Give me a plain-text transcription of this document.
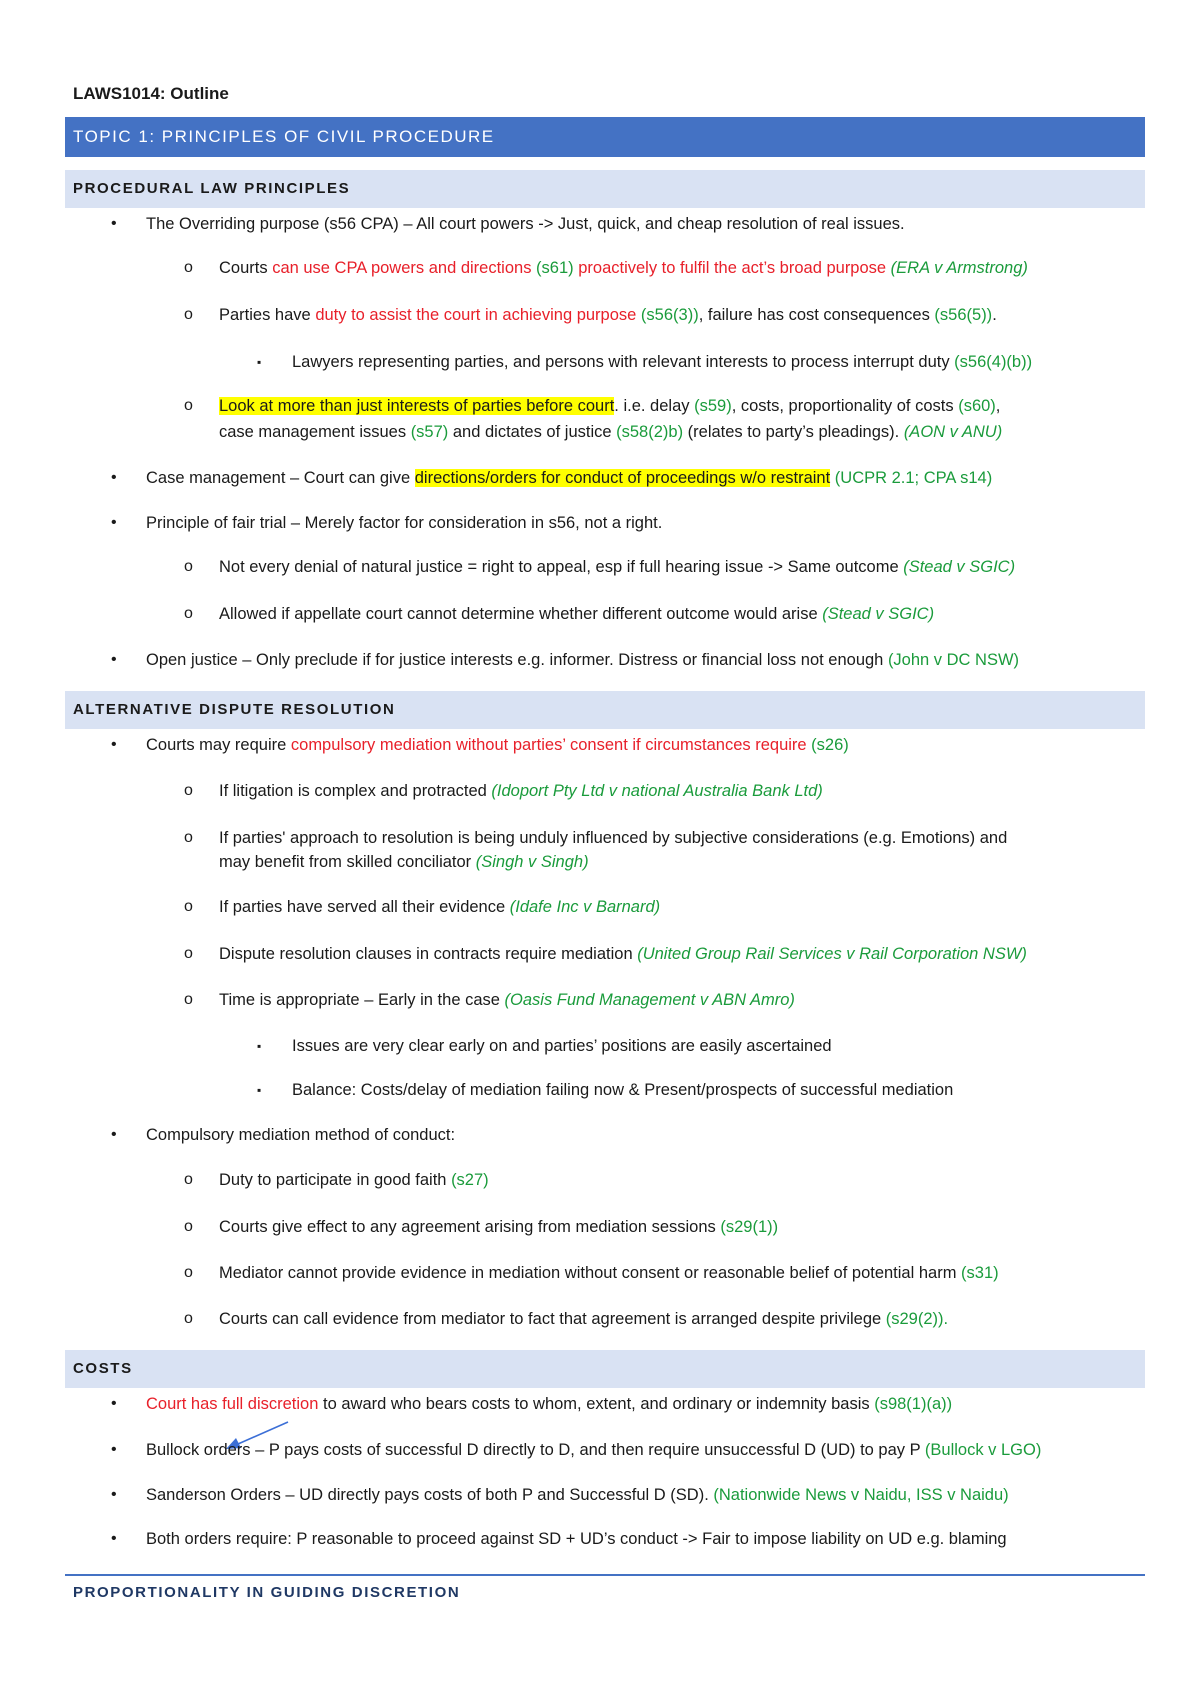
LAWS1014: Outline
TOPIC 1: PRINCIPLES OF CIVIL PROCEDURE
PROCEDURAL LAW PRINCIPLES
• The Overriding purpose (s56 CPA) – All court powers -> Just, quick, and cheap resolution of real issues.
o Courts can use CPA powers and directions (s61) proactively to fulfil the act’s broad purpose (ERA v Armstrong)
o Parties have duty to assist the court in achieving purpose (s56(3)), failure has cost consequences (s56(5)).
▪ Lawyers representing parties, and persons with relevant interests to process interrupt duty (s56(4)(b))
o Look at more than just interests of parties before court. i.e. delay (s59), costs, proportionality of costs (s60),
case management issues (s57) and dictates of justice (s58(2)b) (relates to party’s pleadings). (AON v ANU)
• Case management – Court can give directions/orders for conduct of proceedings w/o restraint (UCPR 2.1; CPA s14)
• Principle of fair trial – Merely factor for consideration in s56, not a right.
o Not every denial of natural justice = right to appeal, esp if full hearing issue -> Same outcome (Stead v SGIC)
o Allowed if appellate court cannot determine whether different outcome would arise (Stead v SGIC)
• Open justice – Only preclude if for justice interests e.g. informer. Distress or financial loss not enough (John v DC NSW)
ALTERNATIVE DISPUTE RESOLUTION
• Courts may require compulsory mediation without parties’ consent if circumstances require (s26)
o If litigation is complex and protracted (Idoport Pty Ltd v national Australia Bank Ltd)
o If parties' approach to resolution is being unduly influenced by subjective considerations (e.g. Emotions) and
may benefit from skilled conciliator (Singh v Singh)
o If parties have served all their evidence (Idafe Inc v Barnard)
o Dispute resolution clauses in contracts require mediation (United Group Rail Services v Rail Corporation NSW)
o Time is appropriate – Early in the case (Oasis Fund Management v ABN Amro)
▪ Issues are very clear early on and parties’ positions are easily ascertained
▪ Balance: Costs/delay of mediation failing now & Present/prospects of successful mediation
• Compulsory mediation method of conduct:
o Duty to participate in good faith (s27)
o Courts give effect to any agreement arising from mediation sessions (s29(1))
o Mediator cannot provide evidence in mediation without consent or reasonable belief of potential harm (s31)
o Courts can call evidence from mediator to fact that agreement is arranged despite privilege (s29(2)).
COSTS
• Court has full discretion to award who bears costs to whom, extent, and ordinary or indemnity basis (s98(1)(a))
• Bullock orders – P pays costs of successful D directly to D, and then require unsuccessful D (UD) to pay P (Bullock v LGO)
• Sanderson Orders – UD directly pays costs of both P and Successful D (SD). (Nationwide News v Naidu, ISS v Naidu)
• Both orders require: P reasonable to proceed against SD + UD’s conduct -> Fair to impose liability on UD e.g. blaming
PROPORTIONALITY IN GUIDING DISCRETION
